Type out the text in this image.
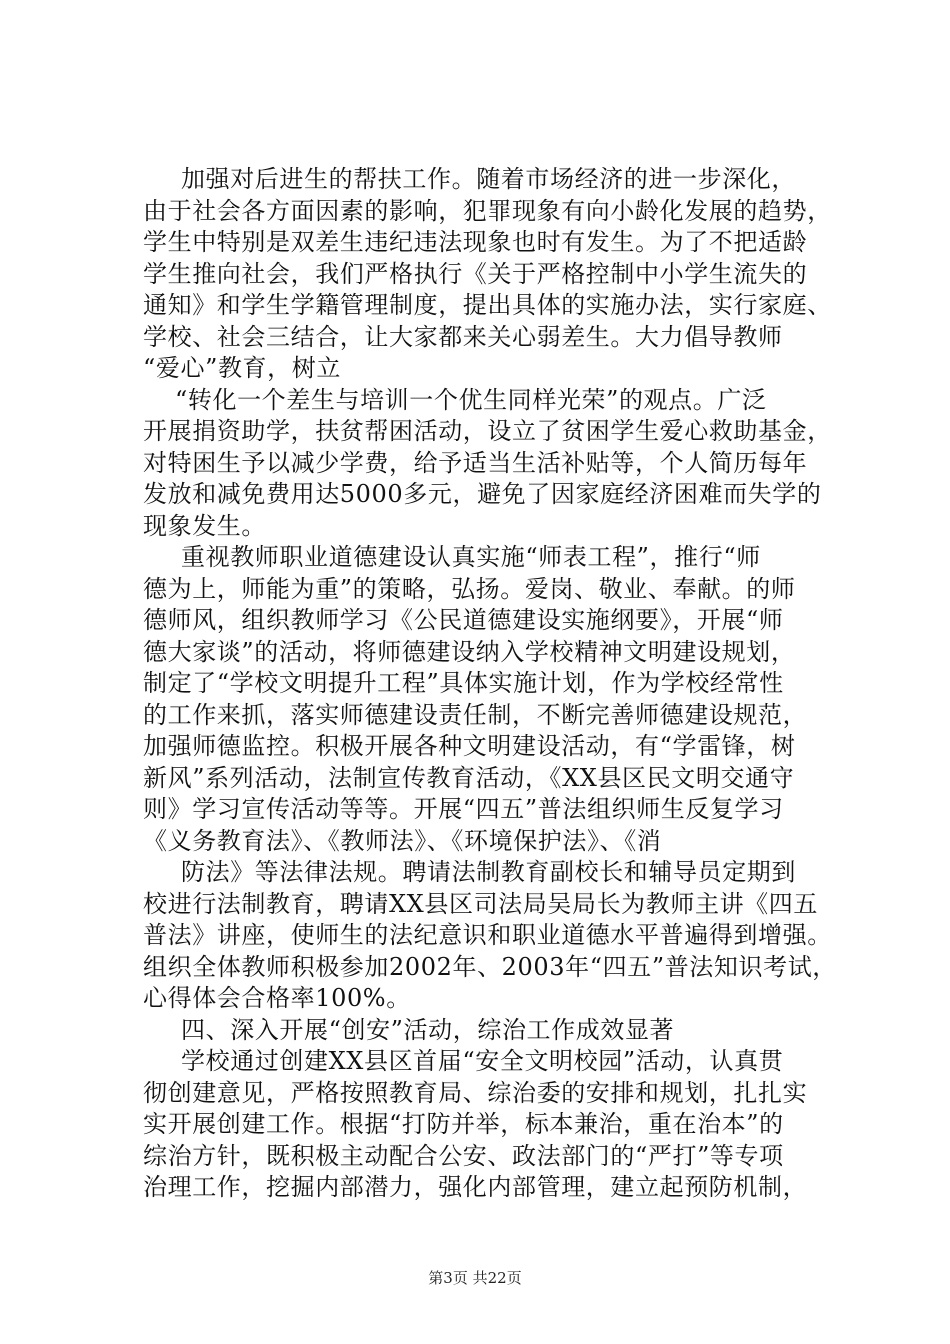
加强对后进生的帮扶工作。随着市场经济的进一步深化，
由于社会各方面因素的影响，犯罪现象有向小龄化发展的趋势，
学生中特别是双差生违纪违法现象也时有发生。为了不把适龄
学生推向社会，我们严格执行《关于严格控制中小学生流失的
通知》和学生学籍管理制度，提出具体的实施办法，实行家庭、
学校、社会三结合，让大家都来关心弱差生。大力倡导教师
“爱心”教育，树立
“转化一个差生与培训一个优生同样光荣”的观点。广泛
开展捐资助学，扶贫帮困活动，设立了贫困学生爱心救助基金，
对特困生予以减少学费，给予适当生活补贴等，个人简历每年
发放和减免费用达5000多元，避免了因家庭经济困难而失学的
现象发生。
重视教师职业道德建设认真实施“师表工程”，推行“师
德为上，师能为重”的策略，弘扬。爱岗、敬业、奉献。的师
德师风，组织教师学习《公民道德建设实施纲要》，开展“师
德大家谈”的活动，将师德建设纳入学校精神文明建设规划，
制定了“学校文明提升工程”具体实施计划，作为学校经常性
的工作来抓，落实师德建设责任制，不断完善师德建设规范，
加强师德监控。积极开展各种文明建设活动，有“学雷锋，树
新风”系列活动，法制宣传教育活动，《XX县区民文明交通守
则》学习宣传活动等等。开展“四五”普法组织师生反复学习
《义务教育法》、《教师法》、《环境保护法》、《消
防法》等法律法规。聘请法制教育副校长和辅导员定期到
校进行法制教育，聘请XX县区司法局吴局长为教师主讲《四五
普法》讲座，使师生的法纪意识和职业道德水平普遍得到增强。
组织全体教师积极参加2002年、2003年“四五”普法知识考试，
心得体会合格率100%。
四、深入开展“创安”活动，综治工作成效显著
学校通过创建XX县区首届“安全文明校园”活动，认真贯
彻创建意见，严格按照教育局、综治委的安排和规划，扎扎实
实开展创建工作。根据“打防并举，标本兼治，重在治本”的
综治方针，既积极主动配合公安、政法部门的“严打”等专项
治理工作，挖掘内部潜力，强化内部管理，建立起预防机制，
第3页 共22页
